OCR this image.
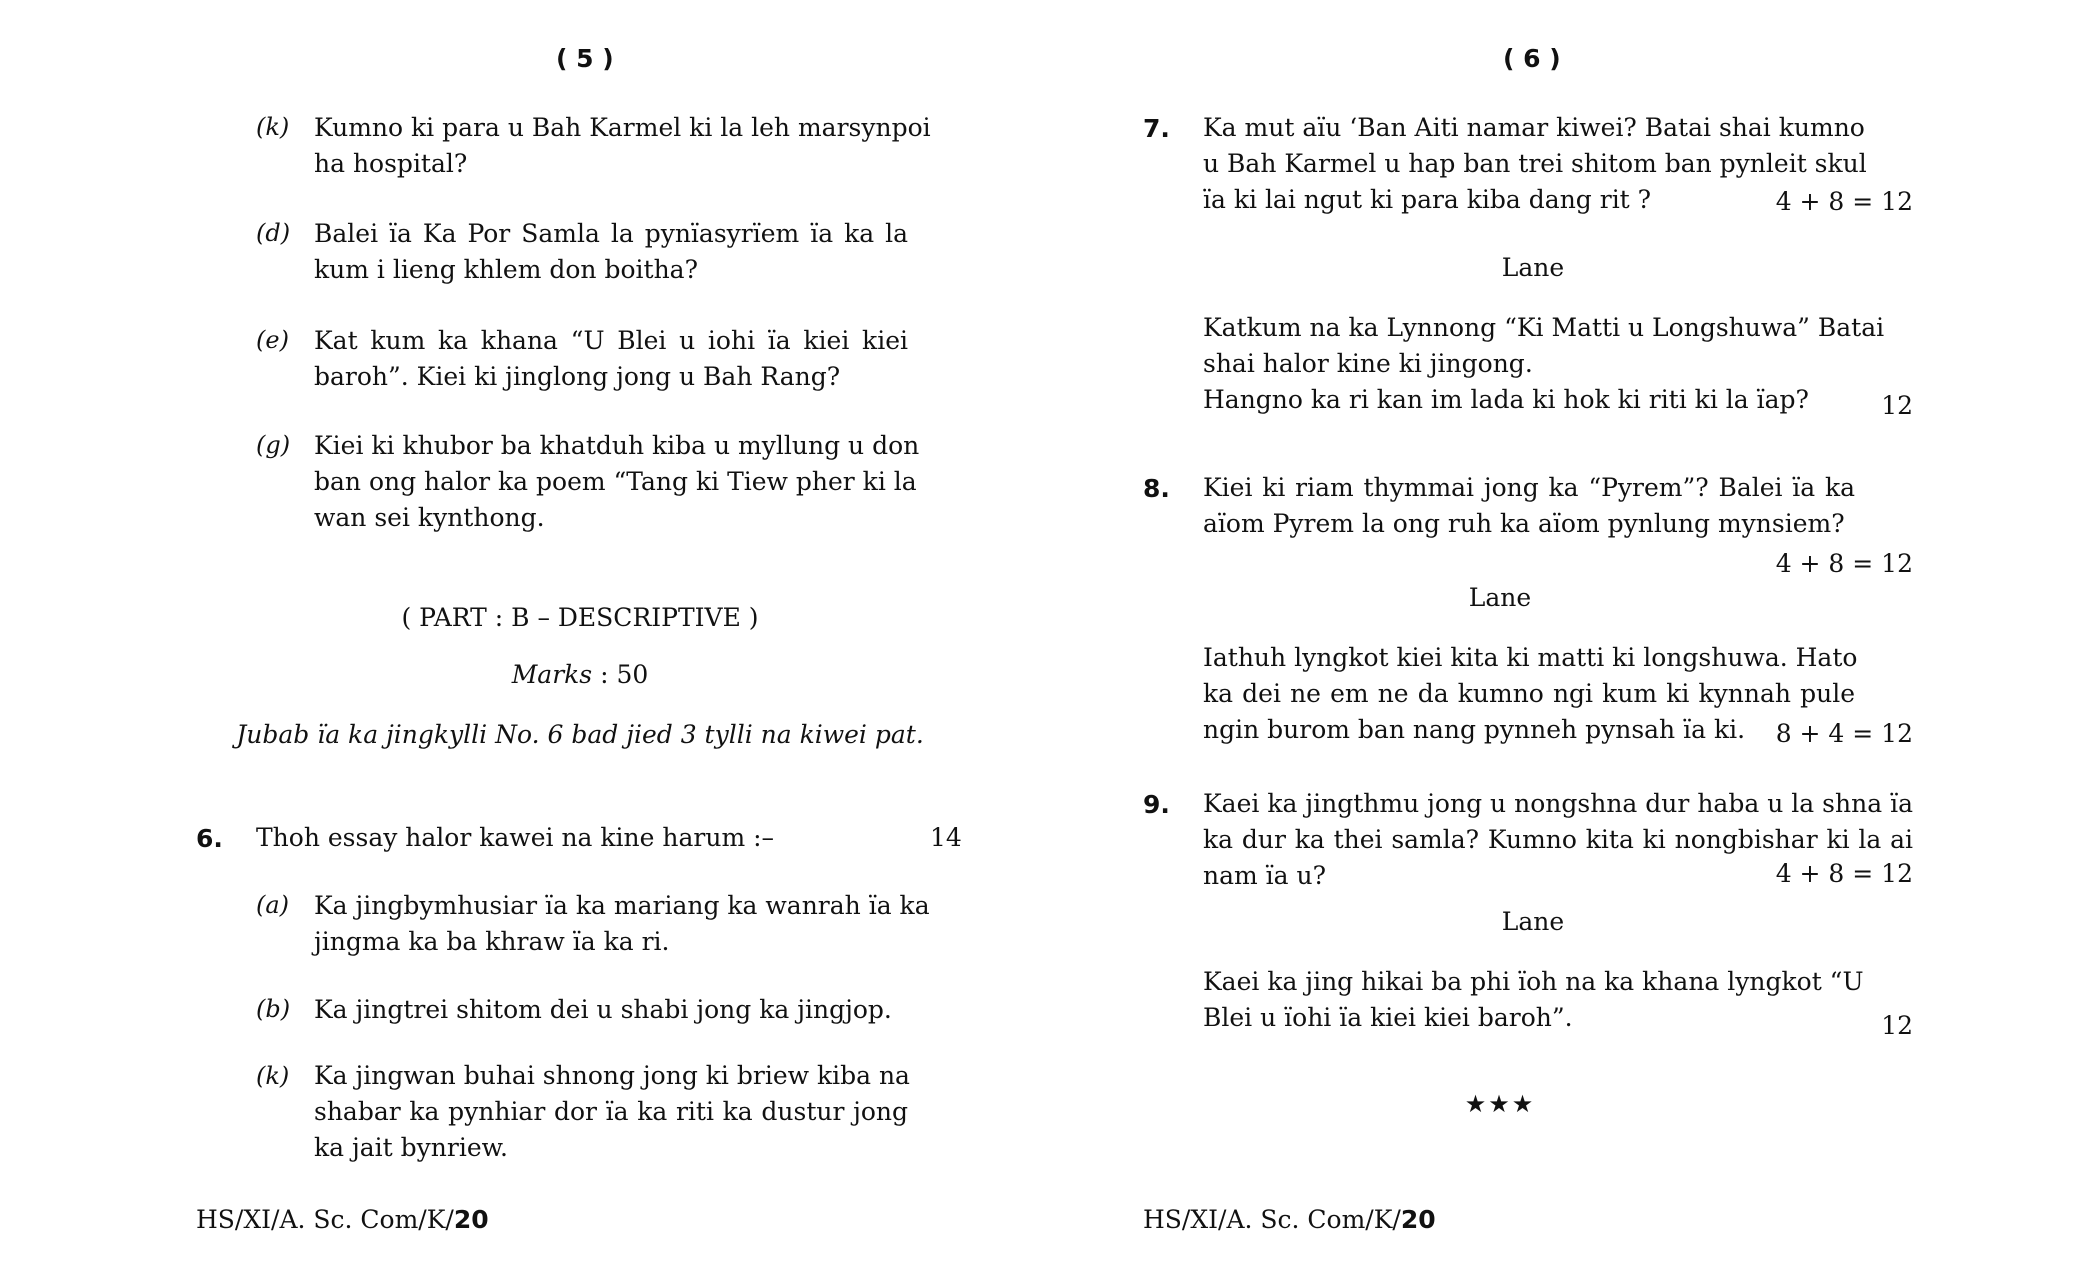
( 5 )
(k) Kumno ki para u Bah Karmel ki la leh marsynpoi
ha hospital?
(d) Balei ïa Ka Por Samla la pynïasyrïem ïa ka la
kum i lieng khlem don boitha?
(e) Kat kum ka khana “U Blei u iohi ïa kiei kiei
baroh”. Kiei ki jinglong jong u Bah Rang?
(g) Kiei ki khubor ba khatduh kiba u myllung u don
ban ong halor ka poem “Tang ki Tiew pher ki la
wan sei kynthong.
( PART : B – DESCRIPTIVE )
Marks : 50
Jubab ïa ka jingkylli No. 6 bad jied 3 tylli na kiwei pat.
6. Thoh essay halor kawei na kine harum :–	14
(a) Ka jingbymhusiar ïa ka mariang ka wanrah ïa ka
jingma ka ba khraw ïa ka ri.
(b) Ka jingtrei shitom dei u shabi jong ka jingjop.
(k) Ka jingwan buhai shnong jong ki briew kiba na
shabar ka pynhiar dor ïa ka riti ka dustur jong
ka jait bynriew.
HS/XI/A. Sc. Com/K/20
( 6 )
7. Ka mut aïu ‘Ban Aiti namar kiwei? Batai shai kumno
u Bah Karmel u hap ban trei shitom ban pynleit skul
ïa ki lai ngut ki para kiba dang rit ?	4 + 8 = 12
Lane
Katkum na ka Lynnong “Ki Matti u Longshuwa” Batai
shai halor kine ki jingong.
Hangno ka ri kan im lada ki hok ki riti ki la ïap?	12
8. Kiei ki riam thymmai jong ka “Pyrem”? Balei ïa ka
aïom Pyrem la ong ruh ka aïom pynlung mynsiem?
4 + 8 = 12
Lane
Iathuh lyngkot kiei kita ki matti ki longshuwa. Hato
ka dei ne em ne da kumno ngi kum ki kynnah pule
ngin burom ban nang pynneh pynsah ïa ki.	8 + 4 = 12
9. Kaei ka jingthmu jong u nongshna dur haba u la shna ïa
ka dur ka thei samla? Kumno kita ki nongbishar ki la ai
nam ïa u?	4 + 8 = 12
Lane
Kaei ka jing hikai ba phi ïoh na ka khana lyngkot “U
Blei u ïohi ïa kiei kiei baroh”.	12
★★★
HS/XI/A. Sc. Com/K/20
